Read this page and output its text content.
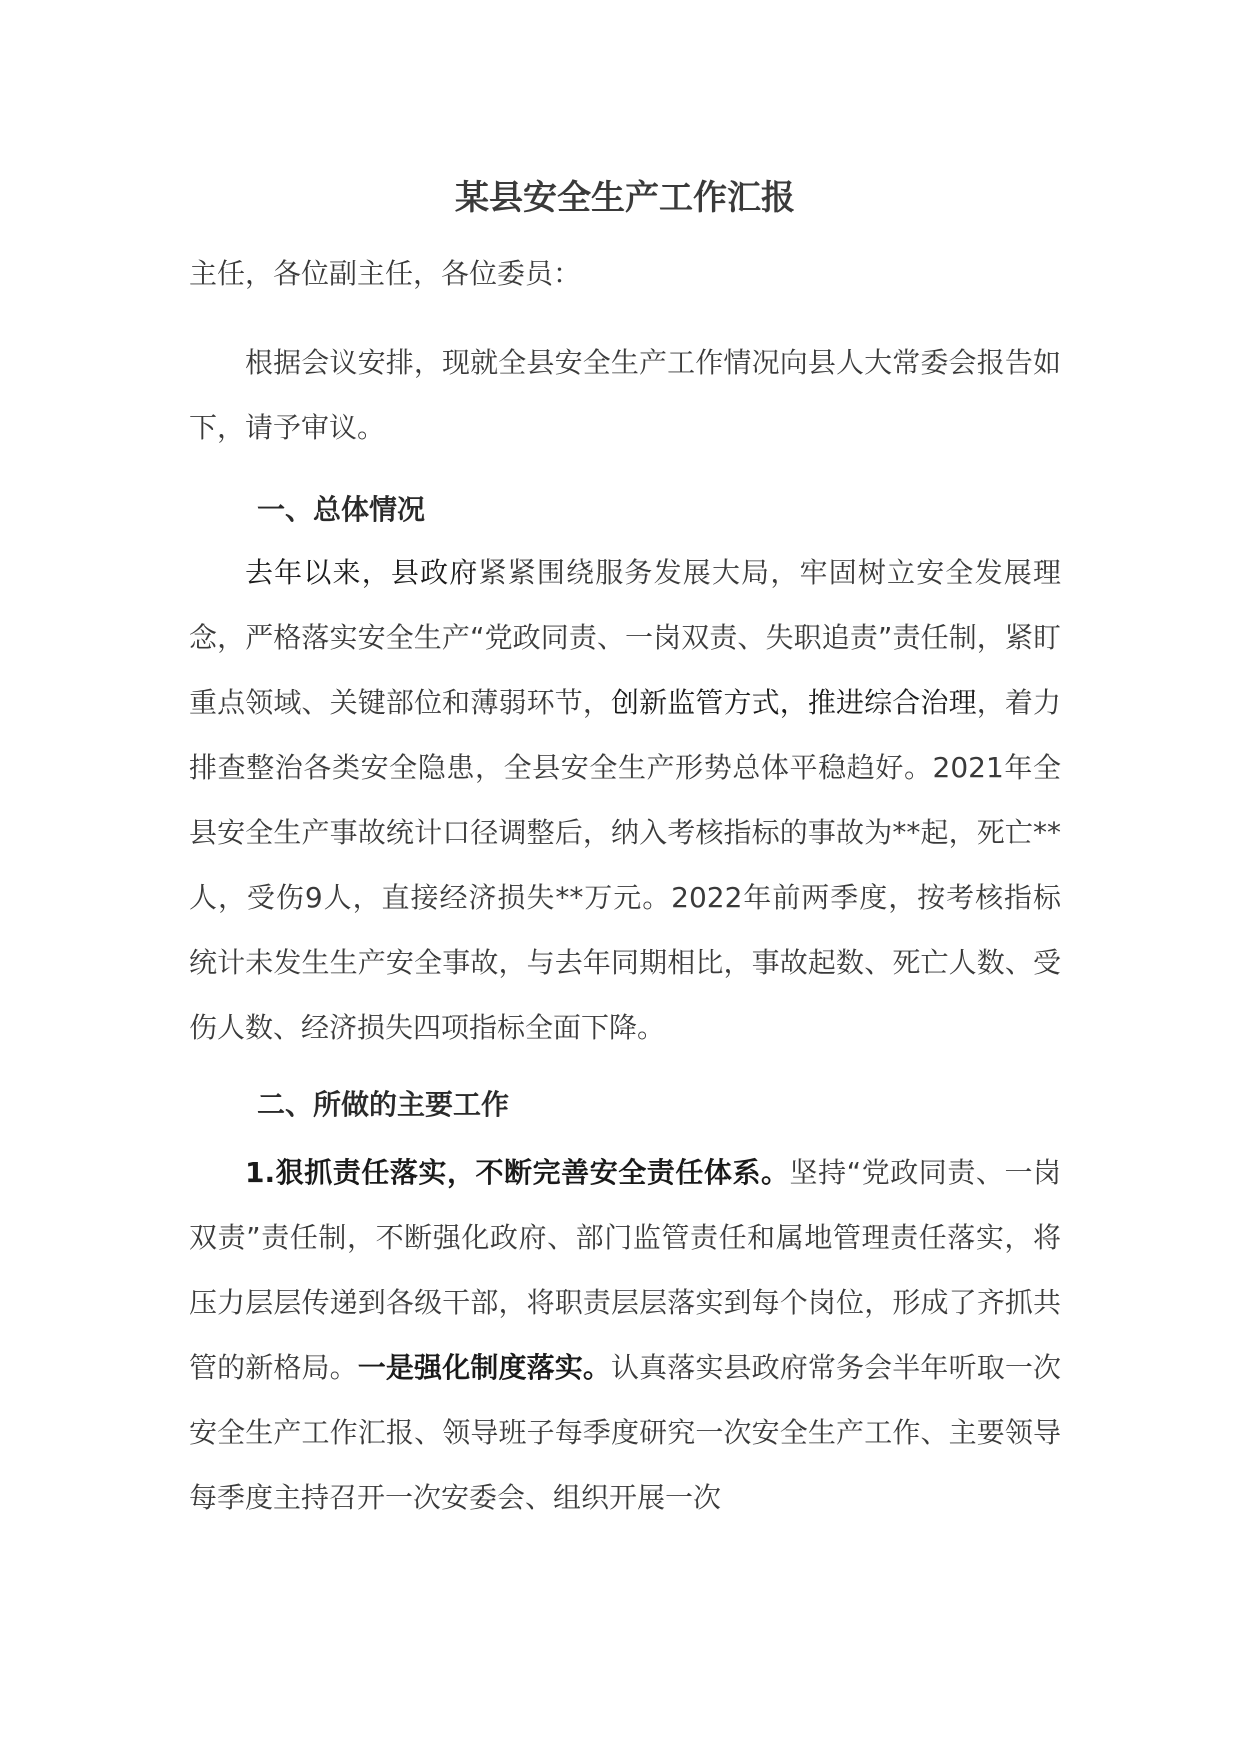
某县安全生产工作汇报

主任，各位副主任，各位委员：

根据会议安排，现就全县安全生产工作情况向县人大常委会报告如下，请予审议。

一、总体情况

去年以来，县政府紧紧围绕服务发展大局，牢固树立安全发展理念，严格落实安全生产“党政同责、一岗双责、失职追责”责任制，紧盯重点领域、关键部位和薄弱环节，创新监管方式，推进综合治理，着力排查整治各类安全隐患，全县安全生产形势总体平稳趋好。2021年全县安全生产事故统计口径调整后，纳入考核指标的事故为**起，死亡**人，受伤9人，直接经济损失**万元。2022年前两季度，按考核指标统计未发生生产安全事故，与去年同期相比，事故起数、死亡人数、受伤人数、经济损失四项指标全面下降。

二、所做的主要工作

1.狠抓责任落实，不断完善安全责任体系。坚持“党政同责、一岗双责”责任制，不断强化政府、部门监管责任和属地管理责任落实，将压力层层传递到各级干部，将职责层层落实到每个岗位，形成了齐抓共管的新格局。一是强化制度落实。认真落实县政府常务会半年听取一次安全生产工作汇报、领导班子每季度研究一次安全生产工作、主要领导每季度主持召开一次安委会、组织开展一次
